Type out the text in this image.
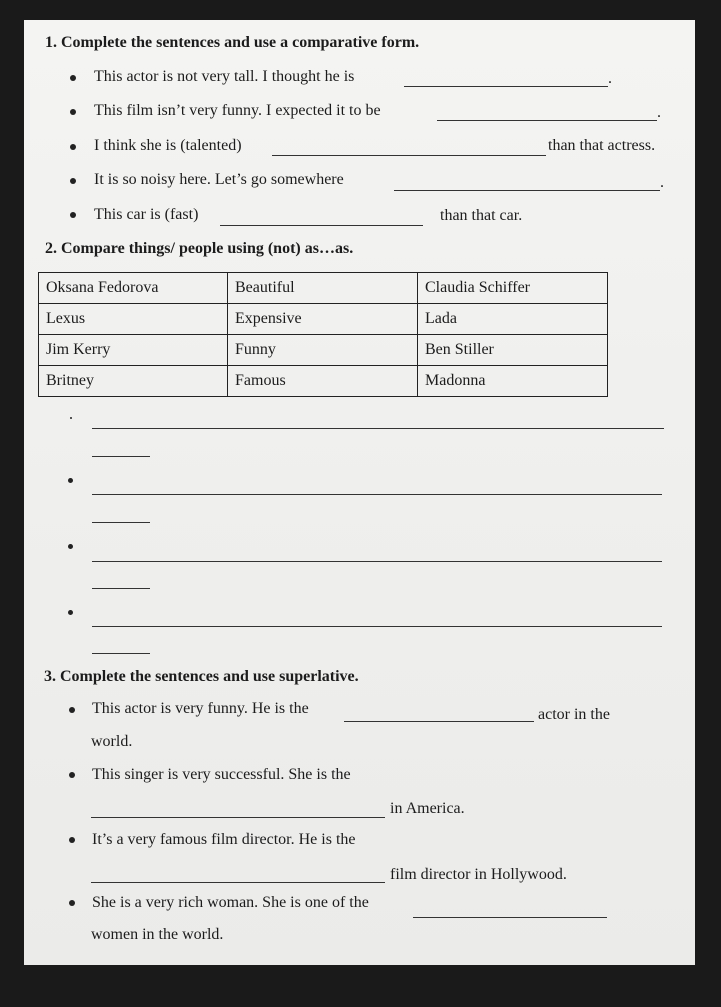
1. Complete the sentences and use a comparative form.
This actor is not very tall. I thought he is	.
This film isn’t very funny. I expected it to be	.
I think she is (talented)	than that actress.
It is so noisy here. Let’s go somewhere	.
This car is (fast)	than that car.
2. Compare things/ people using (not) as…as.
Oksana Fedorova	Beautiful	Claudia Schiffer
Lexus	Expensive	Lada
Jim Kerry	Funny	Ben Stiller
Britney	Famous	Madonna
3. Complete the sentences and use superlative.
This actor is very funny. He is the	actor in the
world.
This singer is very successful. She is the
in America.
It’s a very famous film director. He is the
film director in Hollywood.
She is a very rich woman. She is one of the
women in the world.
